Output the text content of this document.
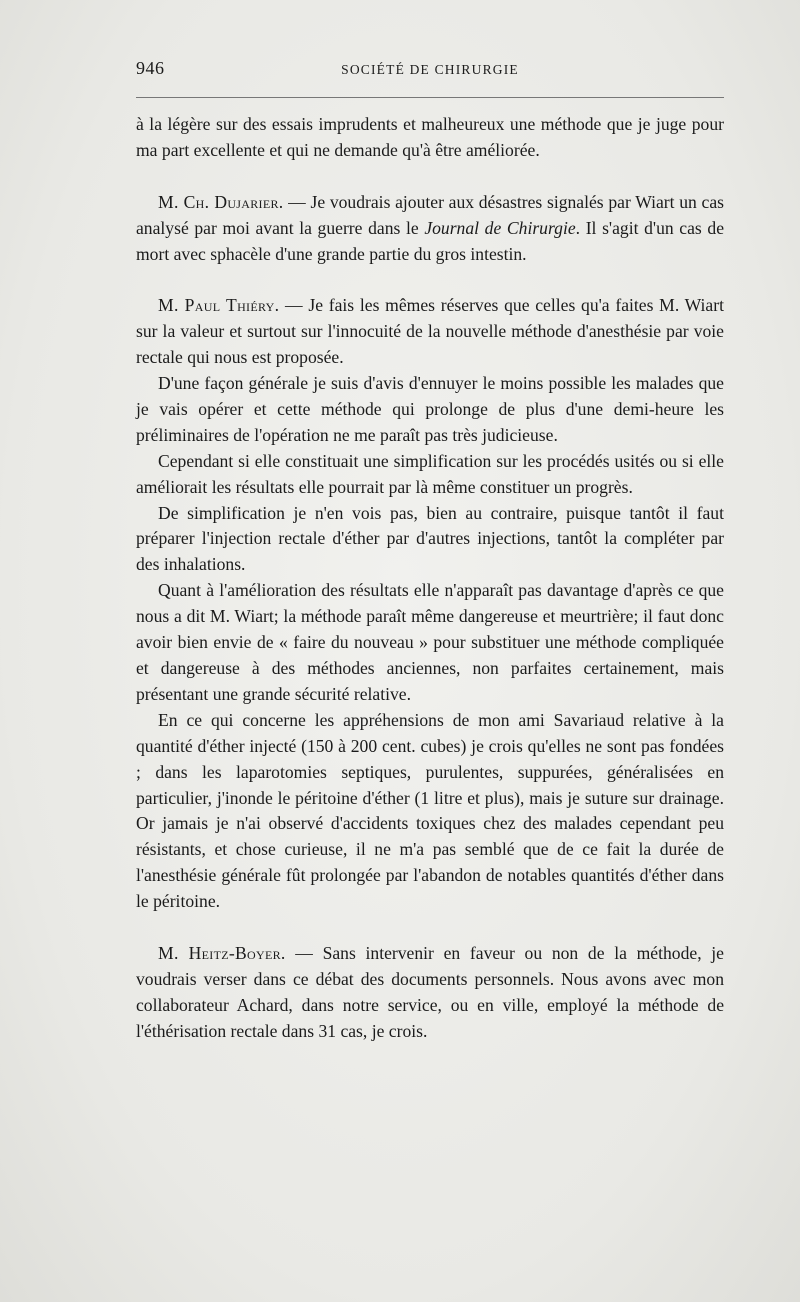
946	SOCIÉTÉ DE CHIRURGIE

à la légère sur des essais imprudents et malheureux une méthode que je juge pour ma part excellente et qui ne demande qu'à être améliorée.

M. Ch. Dujarier. — Je voudrais ajouter aux désastres signalés par Wiart un cas analysé par moi avant la guerre dans le Journal de Chirurgie. Il s'agit d'un cas de mort avec sphacèle d'une grande partie du gros intestin.

M. Paul Thiéry. — Je fais les mêmes réserves que celles qu'a faites M. Wiart sur la valeur et surtout sur l'innocuité de la nouvelle méthode d'anesthésie par voie rectale qui nous est proposée.

D'une façon générale je suis d'avis d'ennuyer le moins possible les malades que je vais opérer et cette méthode qui prolonge de plus d'une demi-heure les préliminaires de l'opération ne me paraît pas très judicieuse.

Cependant si elle constituait une simplification sur les procédés usités ou si elle améliorait les résultats elle pourrait par là même constituer un progrès.

De simplification je n'en vois pas, bien au contraire, puisque tantôt il faut préparer l'injection rectale d'éther par d'autres injections, tantôt la compléter par des inhalations.

Quant à l'amélioration des résultats elle n'apparaît pas davantage d'après ce que nous a dit M. Wiart; la méthode paraît même dangereuse et meurtrière; il faut donc avoir bien envie de « faire du nouveau » pour substituer une méthode compliquée et dangereuse à des méthodes anciennes, non parfaites certainement, mais présentant une grande sécurité relative.

En ce qui concerne les appréhensions de mon ami Savariaud relative à la quantité d'éther injecté (150 à 200 cent. cubes) je crois qu'elles ne sont pas fondées ; dans les laparotomies septiques, purulentes, suppurées, généralisées en particulier, j'inonde le péritoine d'éther (1 litre et plus), mais je suture sur drainage. Or jamais je n'ai observé d'accidents toxiques chez des malades cependant peu résistants, et chose curieuse, il ne m'a pas semblé que de ce fait la durée de l'anesthésie générale fût prolongée par l'abandon de notables quantités d'éther dans le péritoine.

M. Heitz-Boyer. — Sans intervenir en faveur ou non de la méthode, je voudrais verser dans ce débat des documents personnels. Nous avons avec mon collaborateur Achard, dans notre service, ou en ville, employé la méthode de l'éthérisation rectale dans 31 cas, je crois.
